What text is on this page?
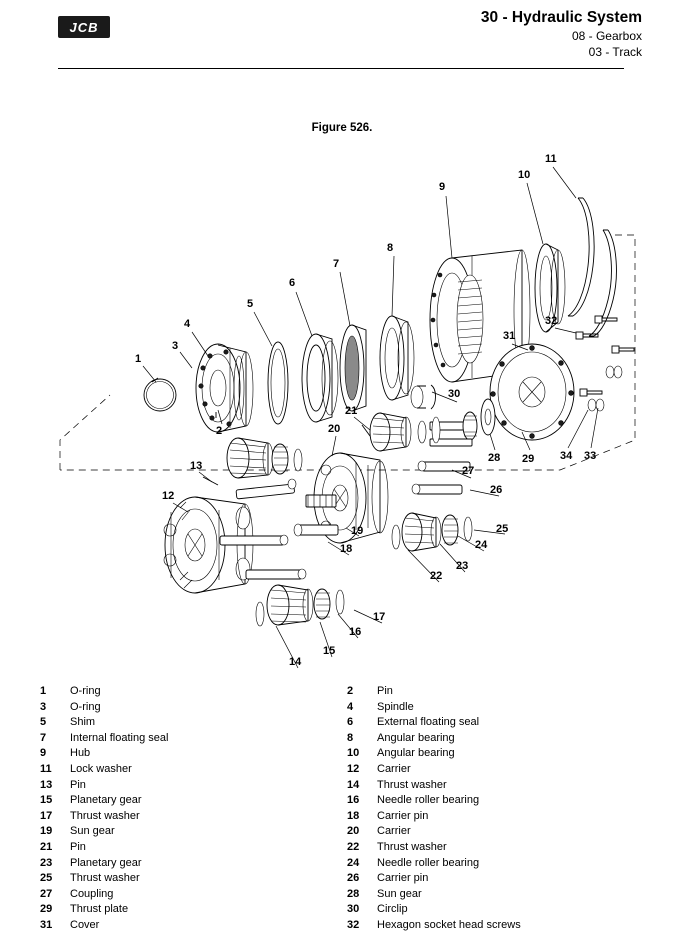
JCB
30 - Hydraulic System
08 - Gearbox
03 - Track
Figure 526.
1
2
3
4
5
6
7
8
9
10
11
12
13
14
15
16
17
18
19
20
21
22
23
24
25
26
27
28 29
30
31
32
33
34
1	O-ring
3	O-ring
5	Shim
7	Internal floating seal
9	Hub
11	Lock washer
13	Pin
15	Planetary gear
17	Thrust washer
19	Sun gear
21	Pin
23	Planetary gear
25	Thrust washer
27	Coupling
29	Thrust plate
31	Cover
2	Pin
4	Spindle
6	External floating seal
8	Angular bearing
10	Angular bearing
12	Carrier
14	Thrust washer
16	Needle roller bearing
18	Carrier pin
20	Carrier
22	Thrust washer
24	Needle roller bearing
26	Carrier pin
28	Sun gear
30	Circlip
32	Hexagon socket head screws
